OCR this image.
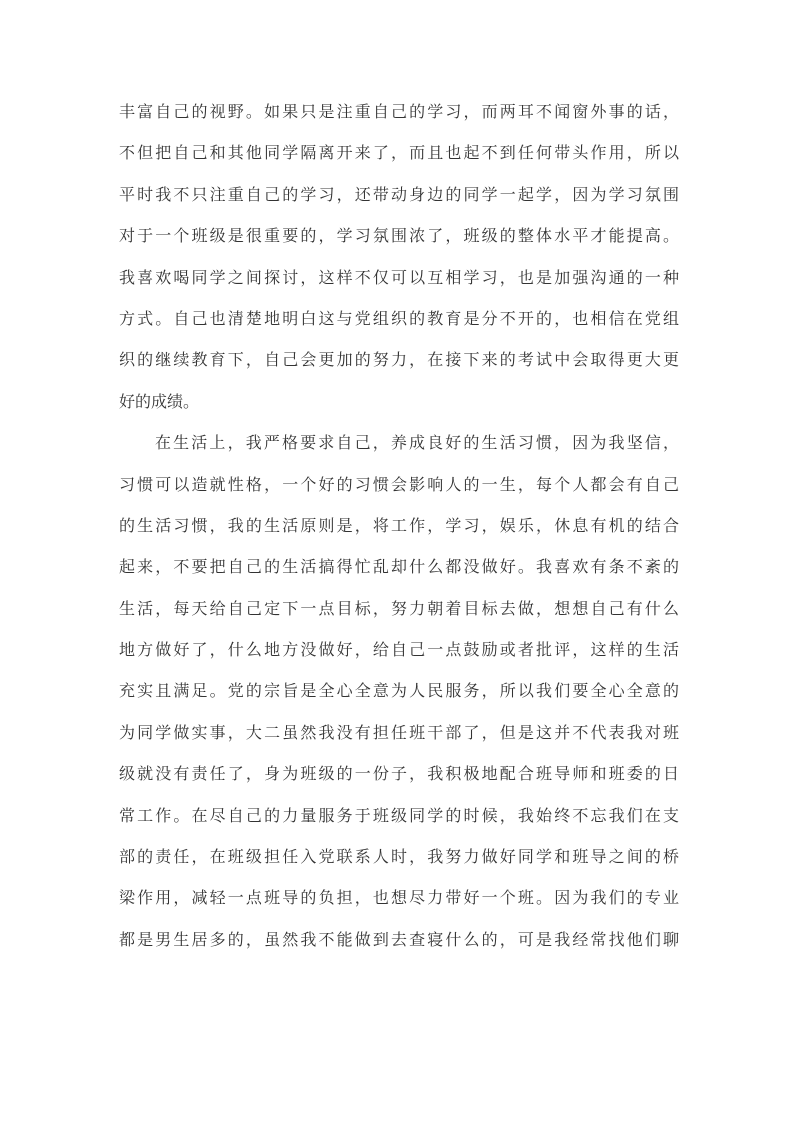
丰富自己的视野。如果只是注重自己的学习，而两耳不闻窗外事的话，
不但把自己和其他同学隔离开来了，而且也起不到任何带头作用，所以
平时我不只注重自己的学习，还带动身边的同学一起学，因为学习氛围
对于一个班级是很重要的，学习氛围浓了，班级的整体水平才能提高。
我喜欢喝同学之间探讨，这样不仅可以互相学习，也是加强沟通的一种
方式。自己也清楚地明白这与党组织的教育是分不开的，也相信在党组
织的继续教育下，自己会更加的努力，在接下来的考试中会取得更大更
好的成绩。
在生活上，我严格要求自己，养成良好的生活习惯，因为我坚信，
习惯可以造就性格，一个好的习惯会影响人的一生，每个人都会有自己
的生活习惯，我的生活原则是，将工作，学习，娱乐，休息有机的结合
起来，不要把自己的生活搞得忙乱却什么都没做好。我喜欢有条不紊的
生活，每天给自己定下一点目标，努力朝着目标去做，想想自己有什么
地方做好了，什么地方没做好，给自己一点鼓励或者批评，这样的生活
充实且满足。党的宗旨是全心全意为人民服务，所以我们要全心全意的
为同学做实事，大二虽然我没有担任班干部了，但是这并不代表我对班
级就没有责任了，身为班级的一份子，我积极地配合班导师和班委的日
常工作。在尽自己的力量服务于班级同学的时候，我始终不忘我们在支
部的责任，在班级担任入党联系人时，我努力做好同学和班导之间的桥
梁作用，减轻一点班导的负担，也想尽力带好一个班。因为我们的专业
都是男生居多的，虽然我不能做到去查寝什么的，可是我经常找他们聊
